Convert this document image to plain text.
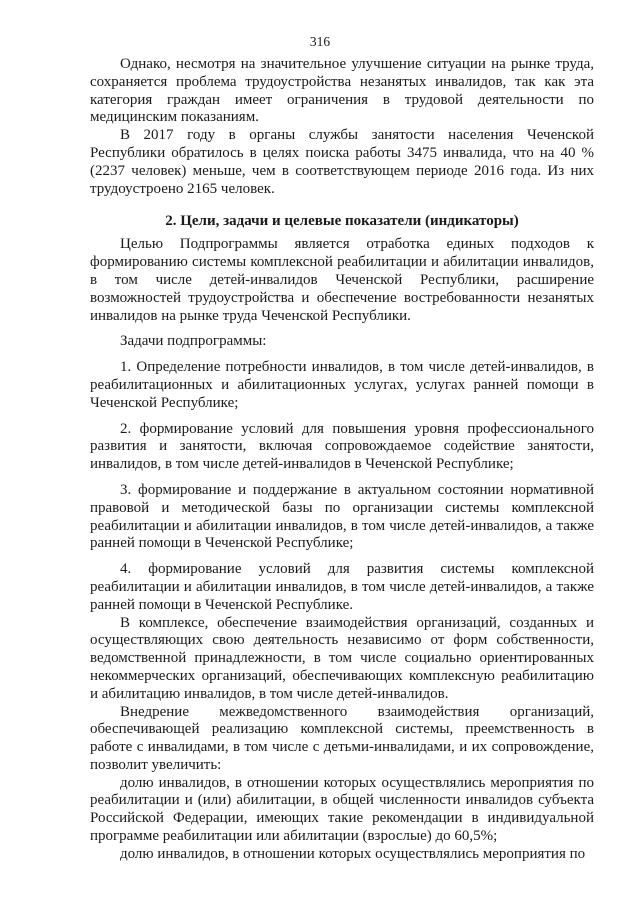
316

Однако, несмотря на значительное улучшение ситуации на рынке труда, сохраняется проблема трудоустройства незанятых инвалидов, так как эта категория граждан имеет ограничения в трудовой деятельности по медицинским показаниям.

В 2017 году в органы службы занятости населения Чеченской Республики обратилось в целях поиска работы 3475 инвалида, что на 40 % (2237 человек) меньше, чем в соответствующем периоде 2016 года. Из них трудоустроено 2165 человек.

2. Цели, задачи и целевые показатели (индикаторы)

Целью Подпрограммы является отработка единых подходов к формированию системы комплексной реабилитации и абилитации инвалидов, в том числе детей-инвалидов Чеченской Республики, расширение возможностей трудоустройства и обеспечение востребованности незанятых инвалидов на рынке труда Чеченской Республики.

Задачи подпрограммы:

1. Определение потребности инвалидов, в том числе детей-инвалидов, в реабилитационных и абилитационных услугах, услугах ранней помощи в Чеченской Республике;

2. формирование условий для повышения уровня профессионального развития и занятости, включая сопровождаемое содействие занятости, инвалидов, в том числе детей-инвалидов в Чеченской Республике;

3. формирование и поддержание в актуальном состоянии нормативной правовой и методической базы по организации системы комплексной реабилитации и абилитации инвалидов, в том числе детей-инвалидов, а также ранней помощи в Чеченской Республике;

4. формирование условий для развития системы комплексной реабилитации и абилитации инвалидов, в том числе детей-инвалидов, а также ранней помощи в Чеченской Республике.

В комплексе, обеспечение взаимодействия организаций, созданных и осуществляющих свою деятельность независимо от форм собственности, ведомственной принадлежности, в том числе социально ориентированных некоммерческих организаций, обеспечивающих комплексную реабилитацию и абилитацию инвалидов, в том числе детей-инвалидов.

Внедрение межведомственного взаимодействия организаций, обеспечивающей реализацию комплексной системы, преемственность в работе с инвалидами, в том числе с детьми-инвалидами, и их сопровождение, позволит увеличить:

долю инвалидов, в отношении которых осуществлялись мероприятия по реабилитации и (или) абилитации, в общей численности инвалидов субъекта Российской Федерации, имеющих такие рекомендации в индивидуальной программе реабилитации или абилитации (взрослые) до 60,5%;

долю инвалидов, в отношении которых осуществлялись мероприятия по
